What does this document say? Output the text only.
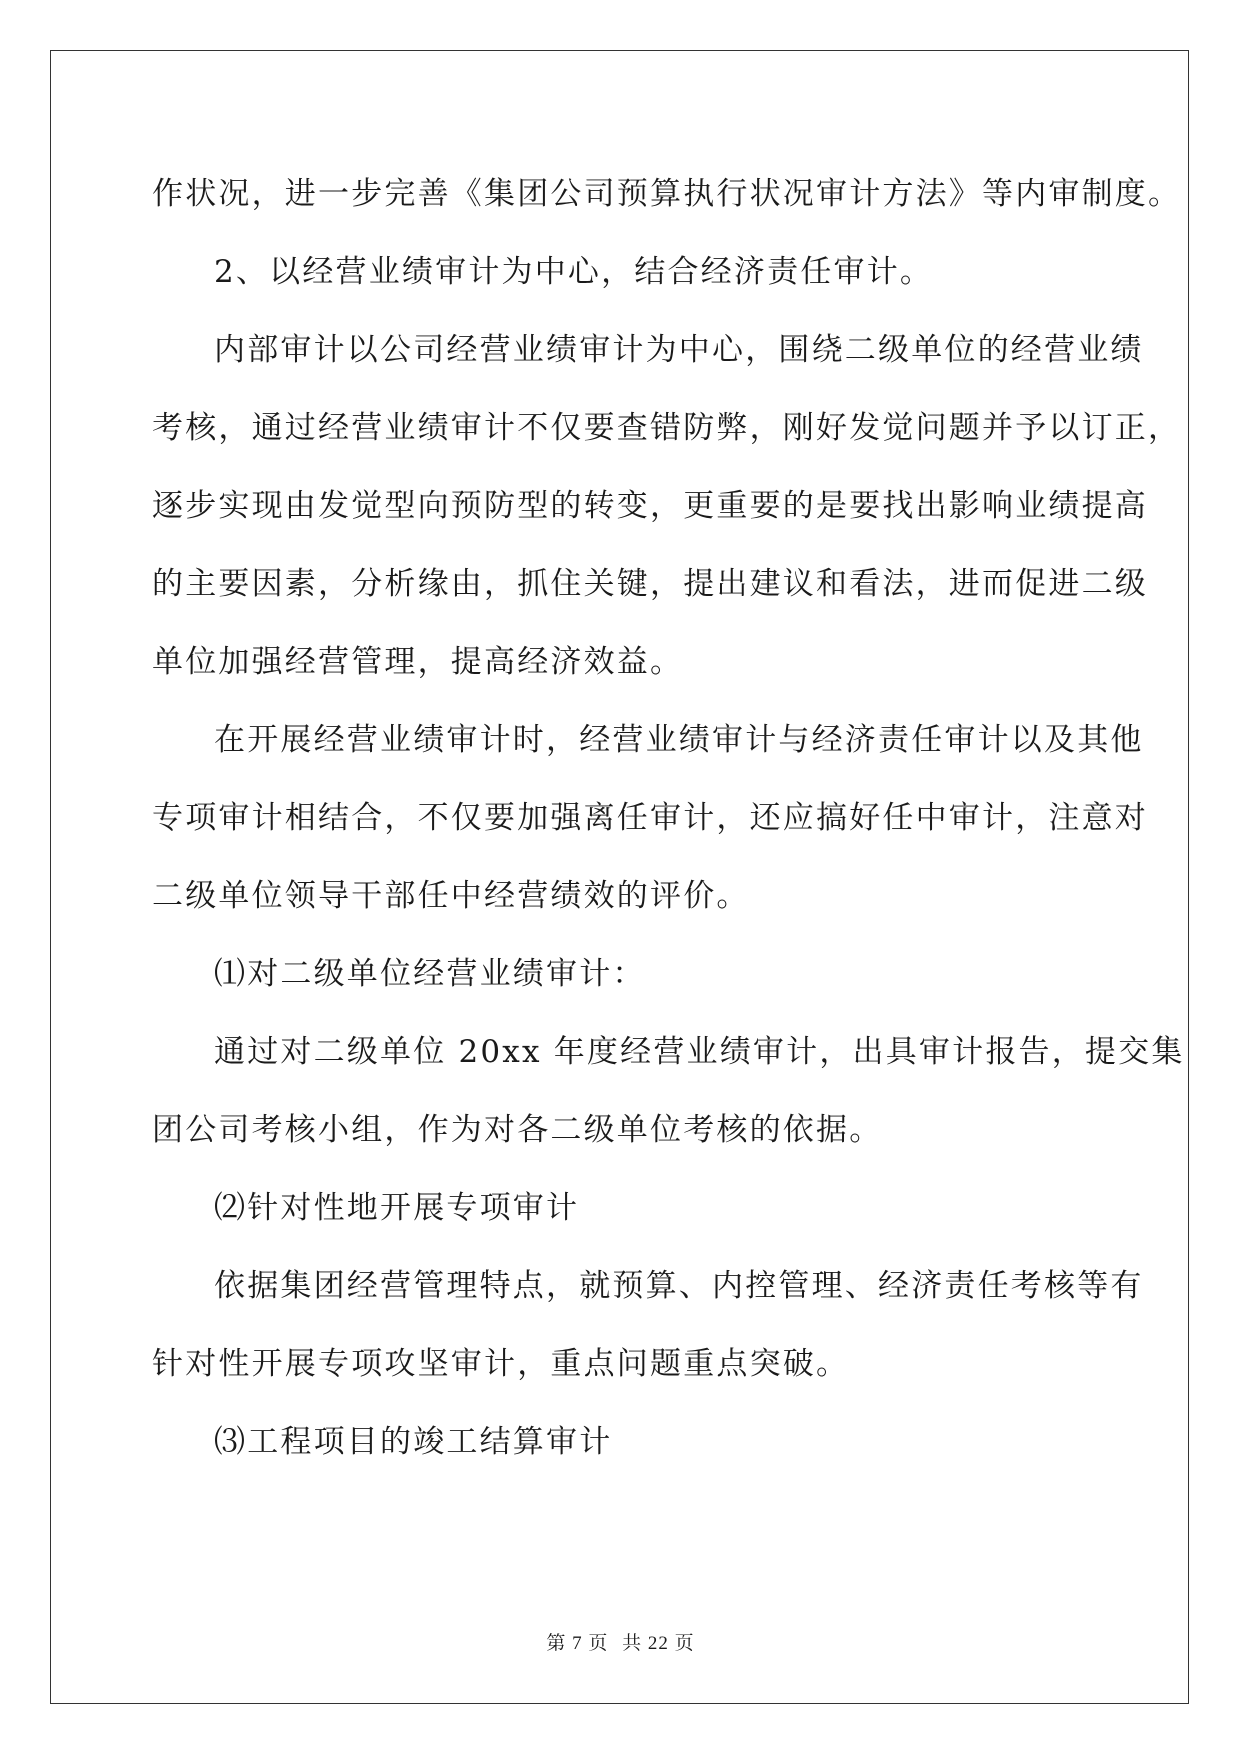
作状况，进一步完善《集团公司预算执行状况审计方法》等内审制度。
2、以经营业绩审计为中心，结合经济责任审计。
内部审计以公司经营业绩审计为中心，围绕二级单位的经营业绩
考核，通过经营业绩审计不仅要查错防弊，刚好发觉问题并予以订正，
逐步实现由发觉型向预防型的转变，更重要的是要找出影响业绩提高
的主要因素，分析缘由，抓住关键，提出建议和看法，进而促进二级
单位加强经营管理，提高经济效益。
在开展经营业绩审计时，经营业绩审计与经济责任审计以及其他
专项审计相结合，不仅要加强离任审计，还应搞好任中审计，注意对
二级单位领导干部任中经营绩效的评价。
⑴对二级单位经营业绩审计：
通过对二级单位 20xx 年度经营业绩审计，出具审计报告，提交集
团公司考核小组，作为对各二级单位考核的依据。
⑵针对性地开展专项审计
依据集团经营管理特点，就预算、内控管理、经济责任考核等有
针对性开展专项攻坚审计，重点问题重点突破。
⑶工程项目的竣工结算审计
第 7 页 共 22 页
